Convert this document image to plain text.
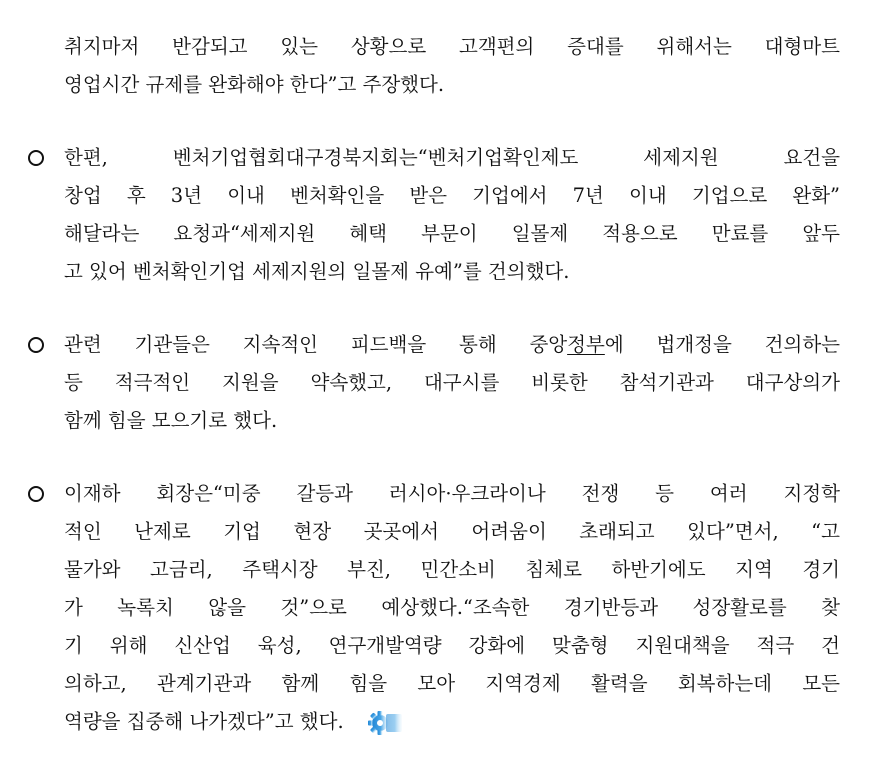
취지마저 반감되고 있는 상황으로 고객편의 증대를 위해서는 대형마트
영업시간 규제를 완화해야 한다”고 주장했다.
한편, 벤처기업협회대구경북지회는“벤처기업확인제도 세제지원 요건을
창업 후 3년 이내 벤처확인을 받은 기업에서 7년 이내 기업으로 완화”
해달라는 요청과“세제지원 혜택 부문이 일몰제 적용으로 만료를 앞두
고 있어 벤처확인기업 세제지원의 일몰제 유예”를 건의했다.
관련 기관들은 지속적인 피드백을 통해 중앙정부에 법개정을 건의하는
등 적극적인 지원을 약속했고, 대구시를 비롯한 참석기관과 대구상의가
함께 힘을 모으기로 했다.
이재하 회장은“미중 갈등과 러시아·우크라이나 전쟁 등 여러 지정학
적인 난제로 기업 현장 곳곳에서 어려움이 초래되고 있다”면서, “고
물가와 고금리, 주택시장 부진, 민간소비 침체로 하반기에도 지역 경기
가 녹록치 않을 것”으로 예상했다.“조속한 경기반등과 성장활로를 찾
기 위해 신산업 육성, 연구개발역량 강화에 맞춤형 지원대책을 적극 건
의하고, 관계기관과 함께 힘을 모아 지역경제 활력을 회복하는데 모든
역량을 집중해 나가겠다”고 했다.
